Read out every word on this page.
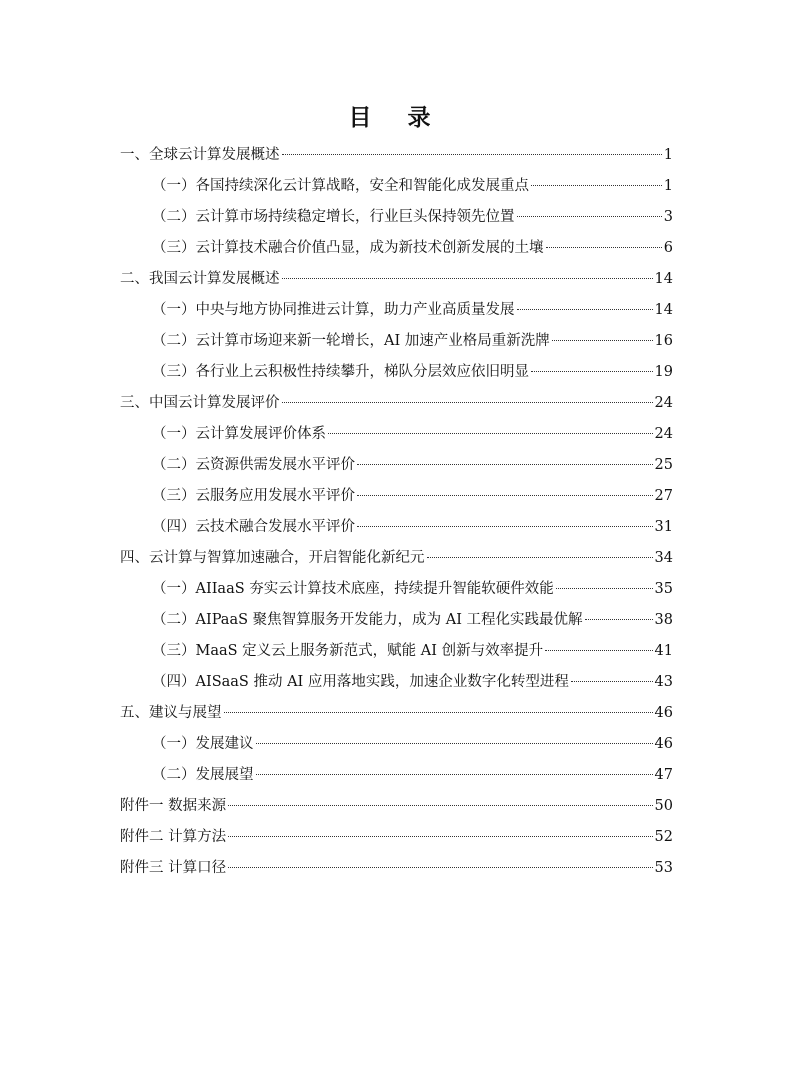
目 录
一、全球云计算发展概述	1
（一）各国持续深化云计算战略，安全和智能化成发展重点	1
（二）云计算市场持续稳定增长，行业巨头保持领先位置	3
（三）云计算技术融合价值凸显，成为新技术创新发展的土壤	6
二、我国云计算发展概述	14
（一）中央与地方协同推进云计算，助力产业高质量发展	14
（二）云计算市场迎来新一轮增长，AI 加速产业格局重新洗牌	16
（三）各行业上云积极性持续攀升，梯队分层效应依旧明显	19
三、中国云计算发展评价	24
（一）云计算发展评价体系	24
（二）云资源供需发展水平评价	25
（三）云服务应用发展水平评价	27
（四）云技术融合发展水平评价	31
四、云计算与智算加速融合，开启智能化新纪元	34
（一）AIIaaS 夯实云计算技术底座，持续提升智能软硬件效能	35
（二）AIPaaS 聚焦智算服务开发能力，成为 AI 工程化实践最优解	38
（三）MaaS 定义云上服务新范式，赋能 AI 创新与效率提升	41
（四）AISaaS 推动 AI 应用落地实践，加速企业数字化转型进程	43
五、建议与展望	46
（一）发展建议	46
（二）发展展望	47
附件一 数据来源	50
附件二 计算方法	52
附件三 计算口径	53
